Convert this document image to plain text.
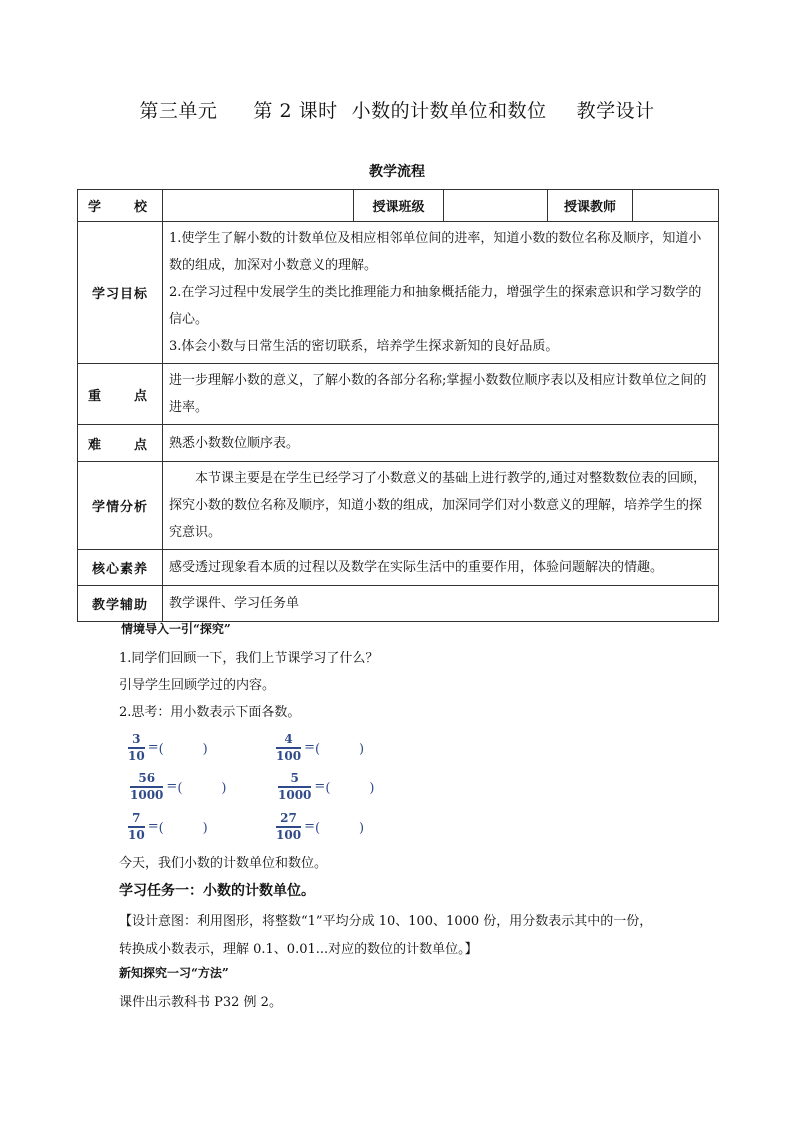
第三单元 第 2 课时 小数的计数单位和数位 教学设计
教学流程
学　　校		授课班级		授课教师	
学习目标	1.使学生了解小数的计数单位及相应相邻单位间的进率，知道小数的数位名称及顺序，知道小数的组成，加深对小数意义的理解。

2.在学习过程中发展学生的类比推理能力和抽象概括能力，增强学生的探索意识和学习数学的信心。

3.体会小数与日常生活的密切联系，培养学生探求新知的良好品质。				

重　　点	进一步理解小数的意义，了解小数的各部分名称;掌握小数数位顺序表以及相应计数单位之间的进率。				
难　　点	熟悉小数数位顺序表。				
学情分析	本节课主要是在学生已经学习了小数意义的基础上进行教学的,通过对整数数位表的回顾，探究小数的数位名称及顺序，知道小数的组成，加深同学们对小数意义的理解，培养学生的探究意识。				
核心素养	感受透过现象看本质的过程以及数学在实际生活中的重要作用，体验问题解决的情趣。				
教学辅助	教学课件、学习任务单				
情境导入一引“探究”
1.同学们回顾一下，我们上节课学习了什么？
引导学生回顾学过的内容。
2.思考：用小数表示下面各数。
$\frac{3}{10}$ = (　　　)	$\frac{4}{100}$ = (　　　)
$\frac{56}{1000}$ = (　　　)	$\frac{5}{1000}$ = (　　　)
$\frac{7}{10}$ = (　　　)	$\frac{27}{100}$ = (　　　)
今天，我们小数的计数单位和数位。
学习任务一：小数的计数单位。
【设计意图：利用图形，将整数“1”平均分成 10、100、1000 份，用分数表示其中的一份，
转换成小数表示，理解 0.1、0.01...对应的数位的计数单位。】
新知探究一习“方法”
课件出示教科书 P32 例 2。
